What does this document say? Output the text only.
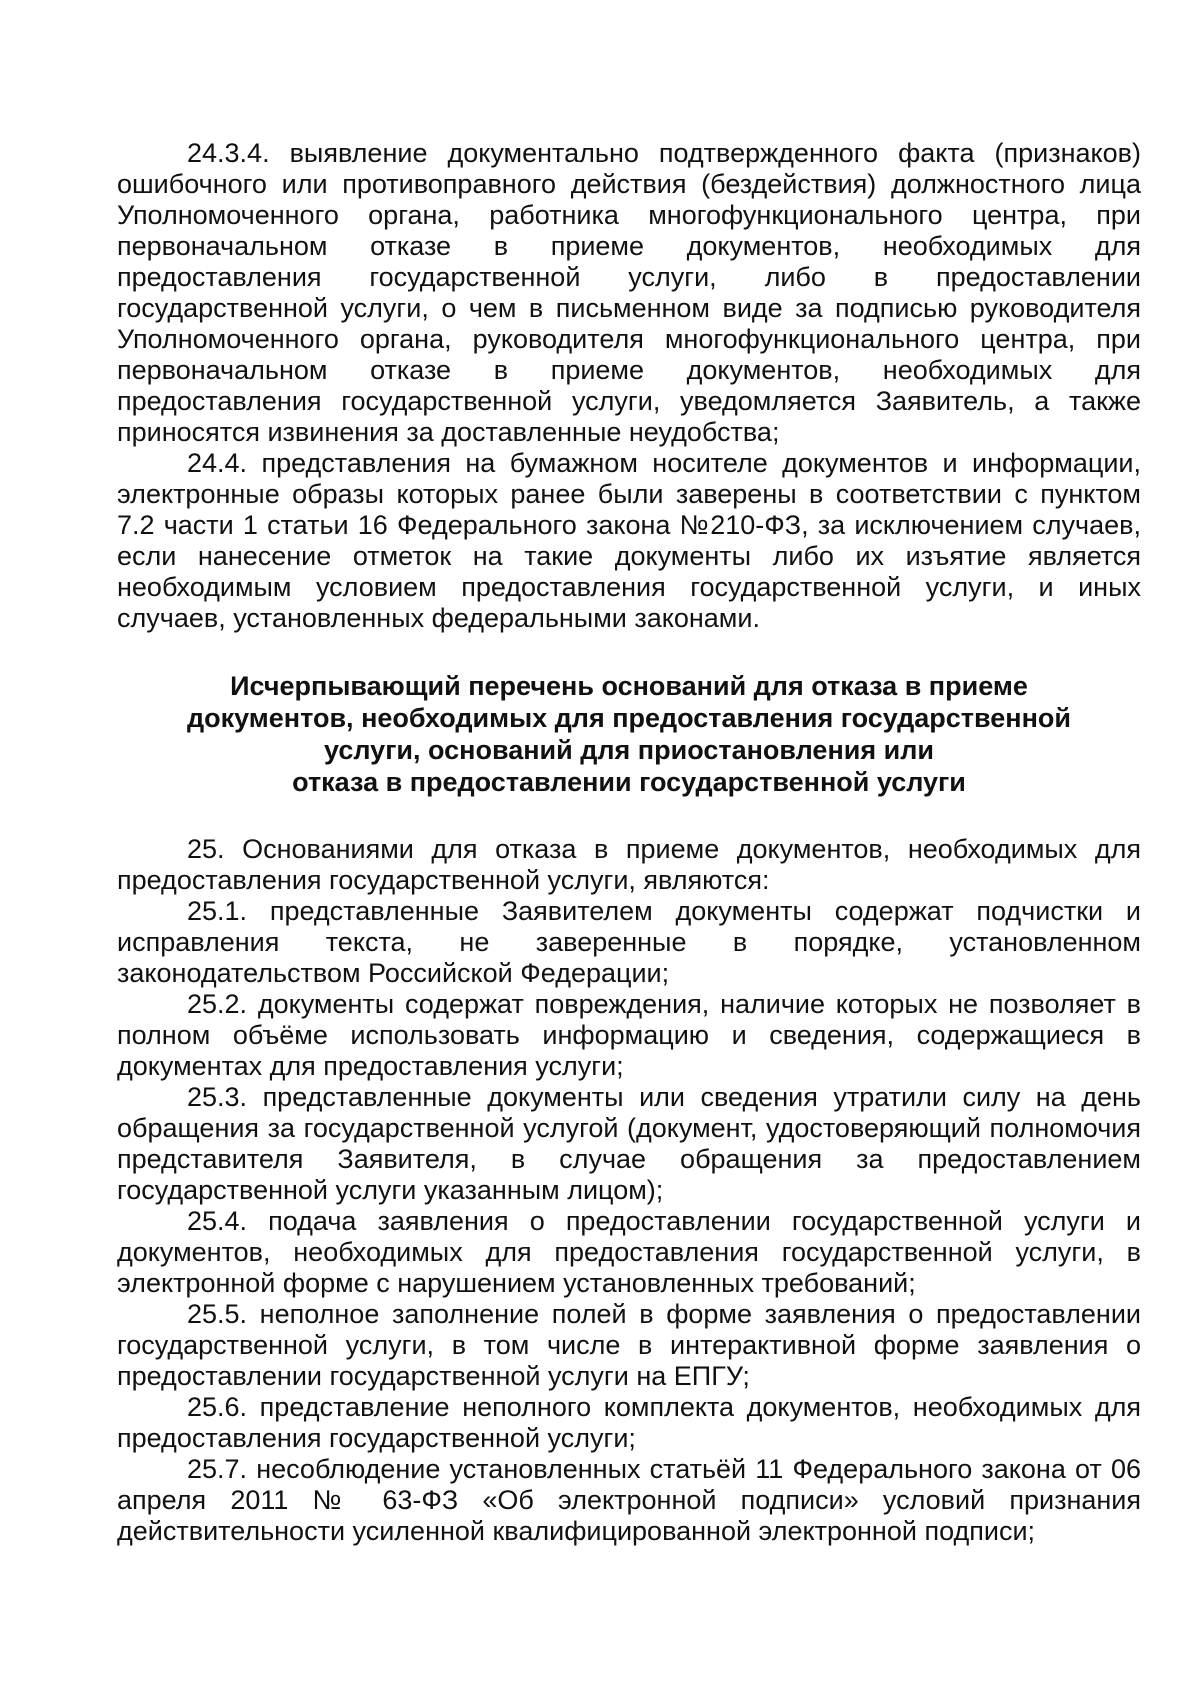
24.3.4. выявление документально подтвержденного факта (признаков) ошибочного или противоправного действия (бездействия) должностного лица Уполномоченного органа, работника многофункционального центра, при первоначальном отказе в приеме документов, необходимых для предоставления государственной услуги, либо в предоставлении государственной услуги, о чем в письменном виде за подписью руководителя Уполномоченного органа, руководителя многофункционального центра, при первоначальном отказе в приеме документов, необходимых для предоставления государственной услуги, уведомляется Заявитель, а также приносятся извинения за доставленные неудобства;

24.4. представления на бумажном носителе документов и информации, электронные образы которых ранее были заверены в соответствии с пунктом 7.2 части 1 статьи 16 Федерального закона №210-ФЗ, за исключением случаев, если нанесение отметок на такие документы либо их изъятие является необходимым условием предоставления государственной услуги, и иных случаев, установленных федеральными законами.

Исчерпывающий перечень оснований для отказа в приеме
документов, необходимых для предоставления государственной
услуги, оснований для приостановления или
отказа в предоставлении государственной услуги

25. Основаниями для отказа в приеме документов, необходимых для предоставления государственной услуги, являются:

25.1. представленные Заявителем документы содержат подчистки и исправления текста, не заверенные в порядке, установленном законодательством Российской Федерации;

25.2. документы содержат повреждения, наличие которых не позволяет в полном объёме использовать информацию и сведения, содержащиеся в документах для предоставления услуги;

25.3. представленные документы или сведения утратили силу на день обращения за государственной услугой (документ, удостоверяющий полномочия представителя Заявителя, в случае обращения за предоставлением государственной услуги указанным лицом);

25.4. подача заявления о предоставлении государственной услуги и документов, необходимых для предоставления государственной услуги, в электронной форме с нарушением установленных требований;

25.5. неполное заполнение полей в форме заявления о предоставлении государственной услуги, в том числе в интерактивной форме заявления о предоставлении государственной услуги на ЕПГУ;

25.6. представление неполного комплекта документов, необходимых для предоставления государственной услуги;

25.7. несоблюдение установленных статьёй 11 Федерального закона от 06 апреля 2011 № 63-ФЗ «Об электронной подписи» условий признания действительности усиленной квалифицированной электронной подписи;
